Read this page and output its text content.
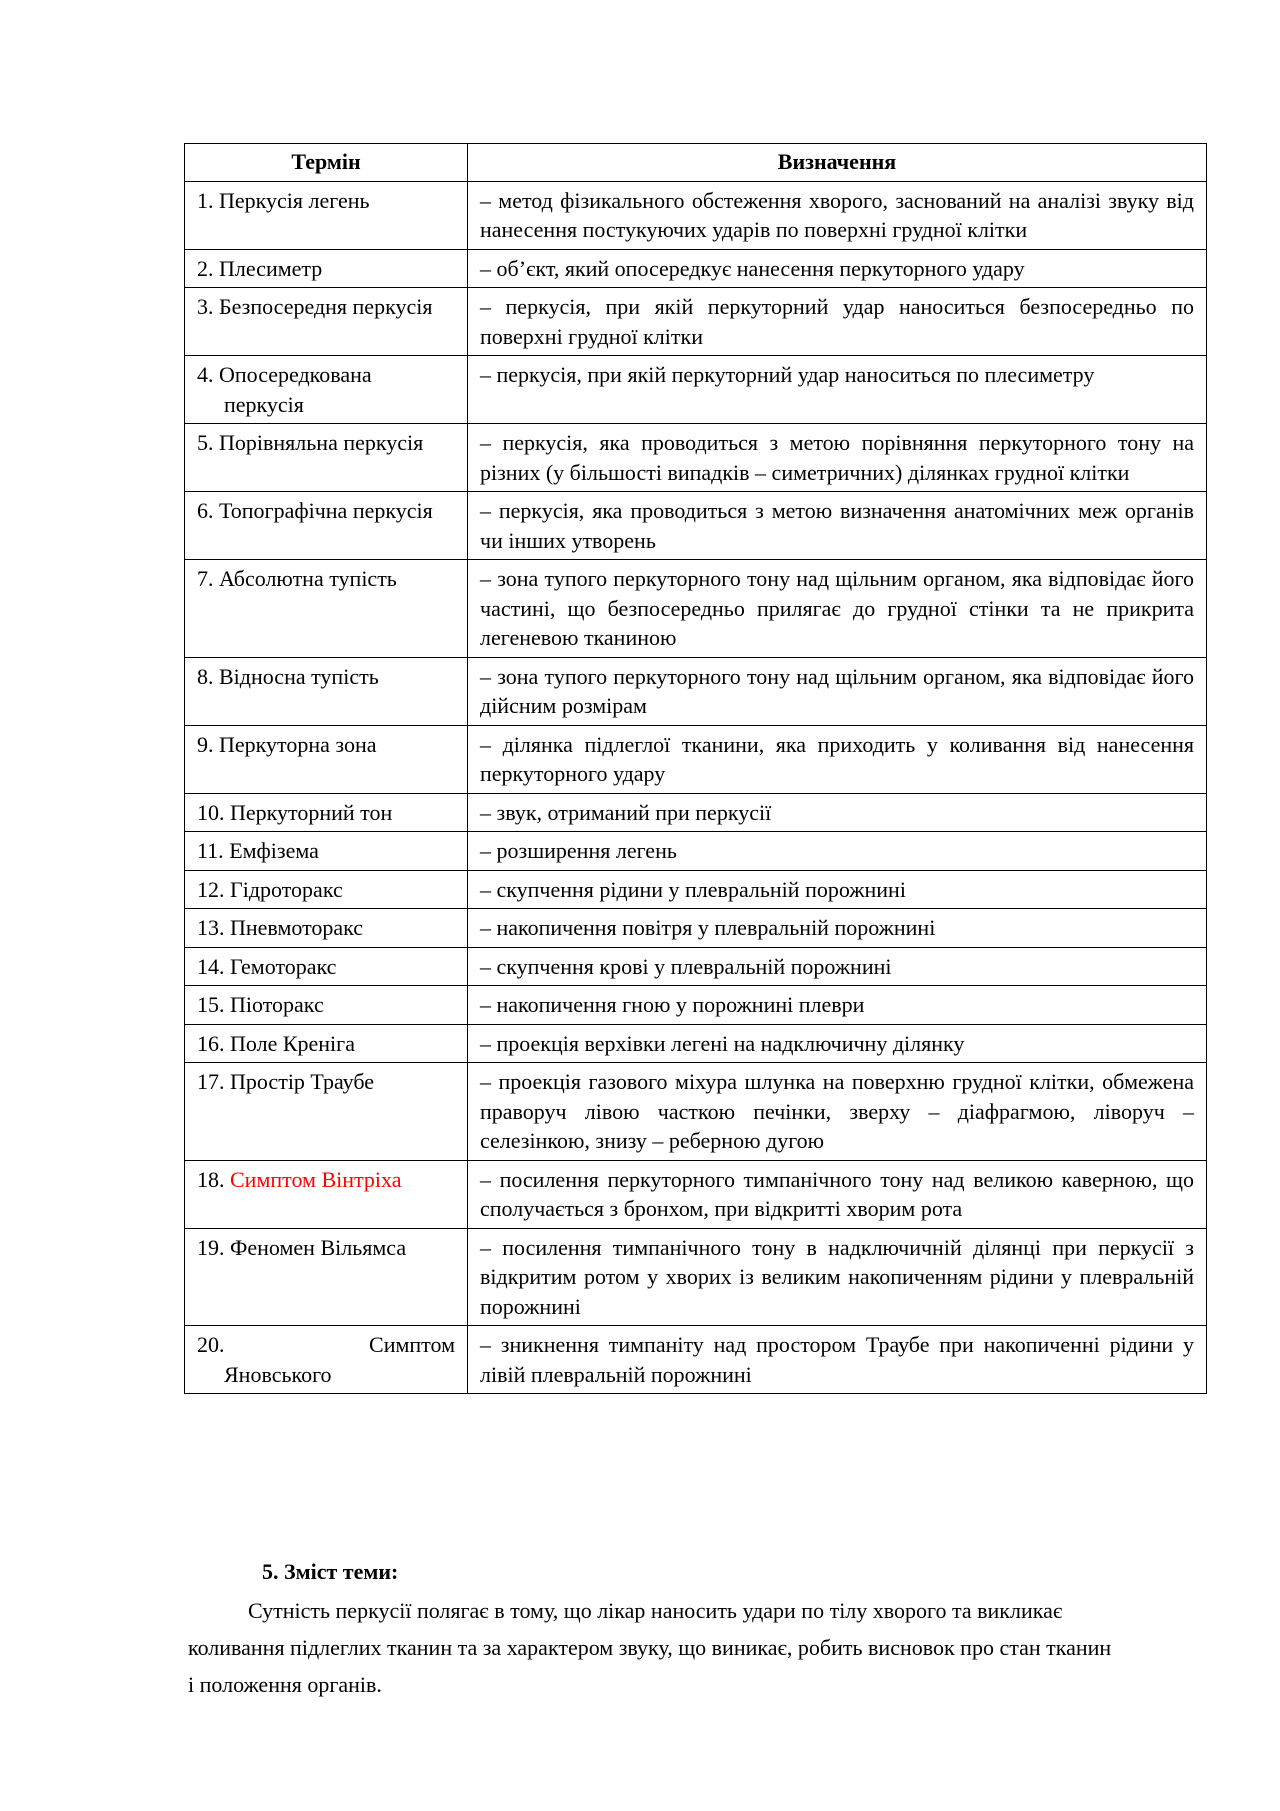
Термін	Визначення

1. Перкусія легень	– метод фізикального обстеження хворого, заснований на аналізі звуку від нанесення постукуючих ударів по поверхні грудної клітки

2. Плесиметр	– об’єкт, який опосередкує нанесення перкуторного удару

3. Безпосередня перкусія	– перкусія, при якій перкуторний удар наноситься безпосередньо по поверхні грудної клітки

4. Опосередкована перкусія	– перкусія, при якій перкуторний удар наноситься по плесиметру

5. Порівняльна перкусія	– перкусія, яка проводиться з метою порівняння перкуторного тону на різних (у більшості випадків – симетричних) ділянках грудної клітки

6. Топографічна перкусія	– перкусія, яка проводиться з метою визначення анатомічних меж органів чи інших утворень

7. Абсолютна тупість	– зона тупого перкуторного тону над щільним органом, яка відповідає його частині, що безпосередньо прилягає до грудної стінки та не прикрита легеневою тканиною

8. Відносна тупість	– зона тупого перкуторного тону над щільним органом, яка відповідає його дійсним розмірам

9. Перкуторна зона	– ділянка підлеглої тканини, яка приходить у коливання від нанесення перкуторного удару

10. Перкуторний тон	– звук, отриманий при перкусії

11. Емфізема	– розширення легень

12. Гідроторакс	– скупчення рідини у плевральній порожнині

13. Пневмоторакс	– накопичення повітря у плевральній порожнині

14. Гемоторакс	– скупчення крові у плевральній порожнині

15. Піоторакс	– накопичення гною у порожнині плеври

16. Поле Креніга	– проекція верхівки легені на надключичну ділянку

17. Простір Траубе	– проекція газового міхура шлунка на поверхню грудної клітки, обмежена праворуч лівою часткою печінки, зверху – діафрагмою, ліворуч – селезінкою, знизу – реберною дугою

18. Симптом Вінтріха	– посилення перкуторного тимпанічного тону над великою каверною, що сполучається з бронхом, при відкритті хворим рота

19. Феномен Вільямса	– посилення тимпанічного тону в надключичній ділянці при перкусії з відкритим ротом у хворих із великим накопиченням рідини у плевральній порожнині

20. Симптом
Яновського	– зникнення тимпаніту над простором Траубе при накопиченні рідини у лівій плевральній порожнині
5. Зміст теми:
Сутність перкусії полягає в тому, що лікар наносить удари по тілу хворого та викликає коливання підлеглих тканин та за характером звуку, що виникає, робить висновок про стан тканин і положення органів.
